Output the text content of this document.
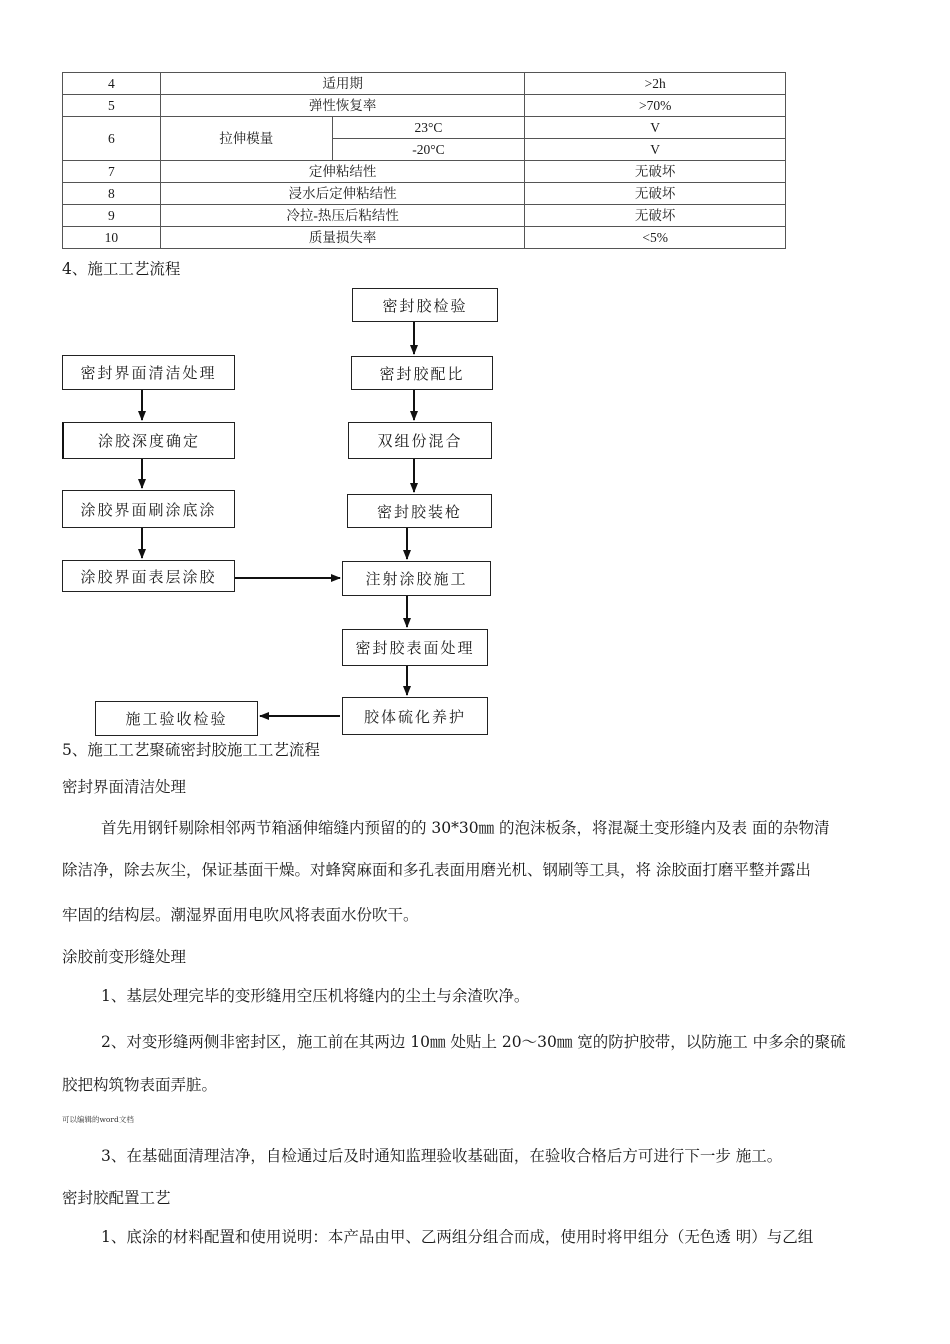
4	适用期		>2h
5	弹性恢复率		>70%
6	拉伸模量	23°C	V
		-20°C	V
7	定伸粘结性		无破坏
8	浸水后定伸粘结性		无破坏
9	冷拉-热压后粘结性		无破坏
10	质量损失率		<5%
4、施工工艺流程
密封界面清洁处理
涂胶深度确定
涂胶界面刷涂底涂
涂胶界面表层涂胶
密封胶检验
密封胶配比
双组份混合
密封胶装枪
注射涂胶施工
密封胶表面处理
胶体硫化养护
施工验收检验
5、施工工艺聚硫密封胶施工工艺流程
密封界面清洁处理
首先用钢钎剔除相邻两节箱涵伸缩缝内预留的的 30*30㎜ 的泡沫板条，将混凝土变形缝内及表 面的杂物清
除洁净，除去灰尘，保证基面干燥。对蜂窝麻面和多孔表面用磨光机、钢刷等工具，将 涂胶面打磨平整并露出
牢固的结构层。潮湿界面用电吹风将表面水份吹干。
涂胶前变形缝处理
1、基层处理完毕的变形缝用空压机将缝内的尘土与余渣吹净。
2、对变形缝两侧非密封区，施工前在其两边 10㎜ 处贴上 20〜30㎜ 宽的防护胶带，以防施工 中多余的聚硫
胶把构筑物表面弄脏。
可以编辑的word文档
3、在基础面清理洁净，自检通过后及时通知监理验收基础面，在验收合格后方可进行下一步 施工。
密封胶配置工艺
1、底涂的材料配置和使用说明：本产品由甲、乙两组分组合而成，使用时将甲组分（无色透 明）与乙组
